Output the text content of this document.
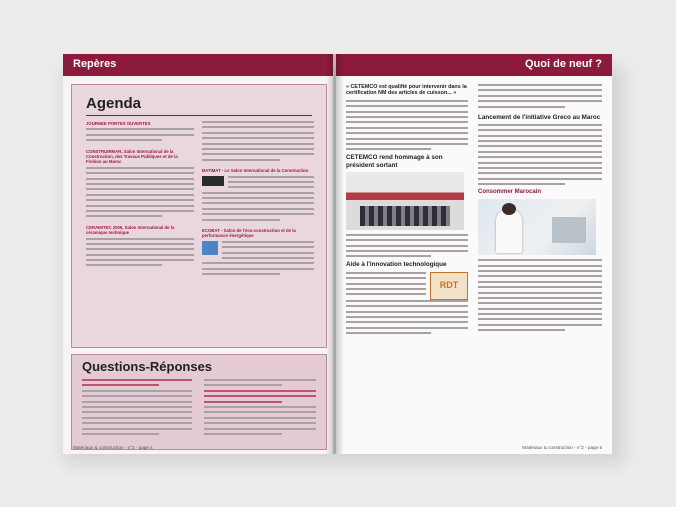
Repères
Agenda
JOURNEE PORTES OUVERTES
CONSTRUIRMAR, Salon International de la Construction, des Travaux Publiques et de la Finition au Maroc
CERAMITEC 2009, Salon International de la céramique technique
BATIMAT - Le Salon International de la Construction
ECOBAT - Salon de l'éco-construction et de la performance énergétique
Questions-Réponses
Matériaux & construction - n°2 - page 4
Quoi de neuf ?
« CETEMCO est qualifié pour intervenir dans la certification NM des articles de cuisson... »
CETEMCO rend hommage à son président sortant
Aide à l'innovation technologique
RDT
Lancement de l'initiative Greco au Maroc
Consommer Marocain
Matériaux & construction - n°2 - page 5
